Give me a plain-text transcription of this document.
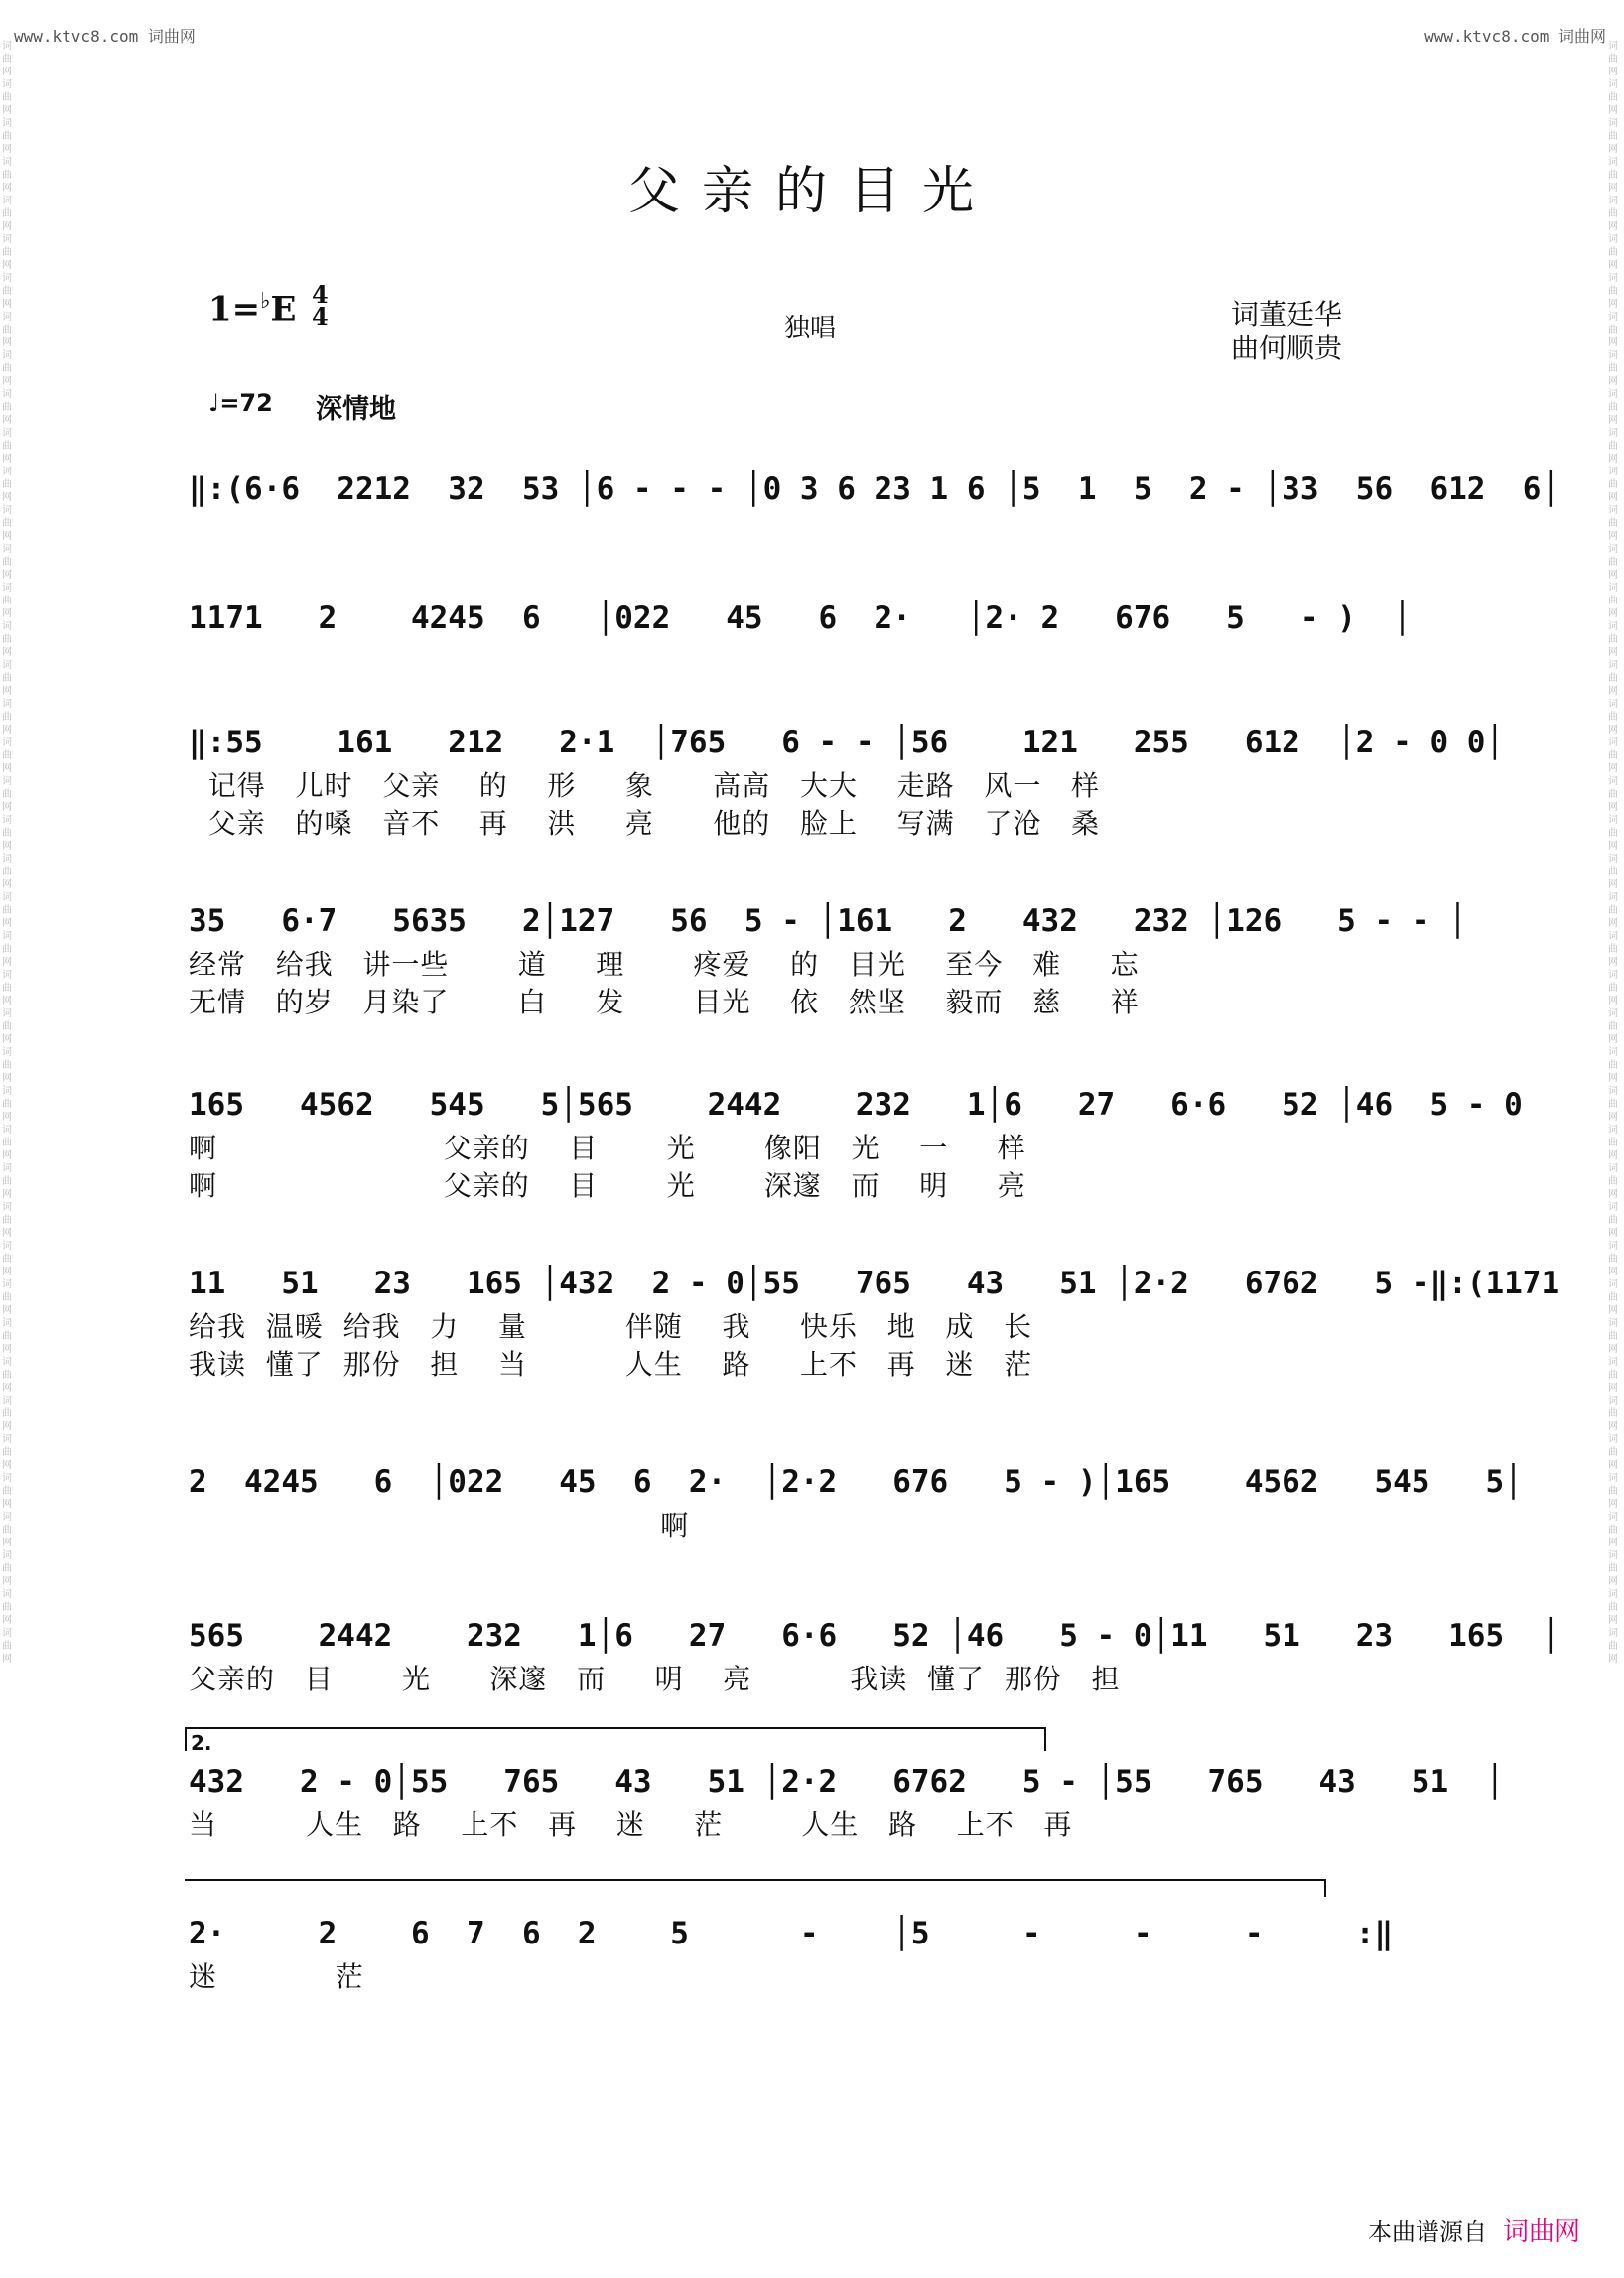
www.ktvc8.com 词曲网	www.ktvc8.com 词曲网
词曲网词曲网词曲网词曲网词曲网词曲网词曲网词曲网词曲网词曲网词曲网词曲网词曲网词曲网词曲网词曲网词曲网词曲网词曲网词曲网词曲网词曲网词曲网词曲网词曲网词曲网词曲网词曲网词曲网词曲网词曲网词曲网词曲网词曲网词曲网词曲网词曲网词曲网词曲网词曲网词曲网词曲网
词曲网词曲网词曲网词曲网词曲网词曲网词曲网词曲网词曲网词曲网词曲网词曲网词曲网词曲网词曲网词曲网词曲网词曲网词曲网词曲网词曲网词曲网词曲网词曲网词曲网词曲网词曲网词曲网词曲网词曲网词曲网词曲网词曲网词曲网词曲网词曲网词曲网词曲网词曲网词曲网词曲网词曲网
父亲的目光
1=♭E 4
4	独唱	词董廷华
曲何顺贵
♩=72 深情地
‖:(6·6  2212  32  53 │6 - - - │0 3 6 23 1 6 │5  1  5  2 - │33  56  612  6│
1171   2    4245  6   │022   45   6  2·   │2· 2   676   5   - )  │
‖:55    161   212   2·1  │765   6 - - │56    121   255   612  │2 - 0 0│
记得   儿时   父亲    的    形     象      高高   大大    走路   风一   样
父亲   的嗓   音不    再    洪     亮      他的   脸上    写满   了沧   桑
35   6·7   5635   2│127   56  5 - │161   2   432   232 │126   5 - - │
经常   给我   讲一些       道     理       疼爱    的   目光    至今   难     忘
无情   的岁   月染了       白     发       目光    依   然坚    毅而   慈     祥
165   4562   545   5│565    2442    232   1│6   27   6·6   52 │46  5 - 0
啊                       父亲的    目       光       像阳   光    一     样
啊                       父亲的    目       光       深邃   而    明     亮
11   51   23   165 │432  2 - 0│55   765   43   51 │2·2   6762   5 -‖:(1171
给我  温暖  给我   力    量          伴随    我     快乐   地   成   长
我读  懂了  那份   担    当          人生    路     上不   再   迷   茫
2  4245   6  │022   45  6  2·  │2·2   676   5 - )│165    4562   545   5│
啊
565    2442    232   1│6   27   6·6   52 │46   5 - 0│11   51   23   165  │
父亲的   目       光      深邃   而     明    亮          我读  懂了  那份   担
432   2 - 0│55   765   43   51 │2·2   6762   5 - │55   765   43   51  │
当         人生   路    上不   再    迷     茫        人生   路    上不   再
2·     2    6  7  6  2    5      -    │5     -     -     -     :‖
迷            茫
2.
本曲谱源自 词曲网
